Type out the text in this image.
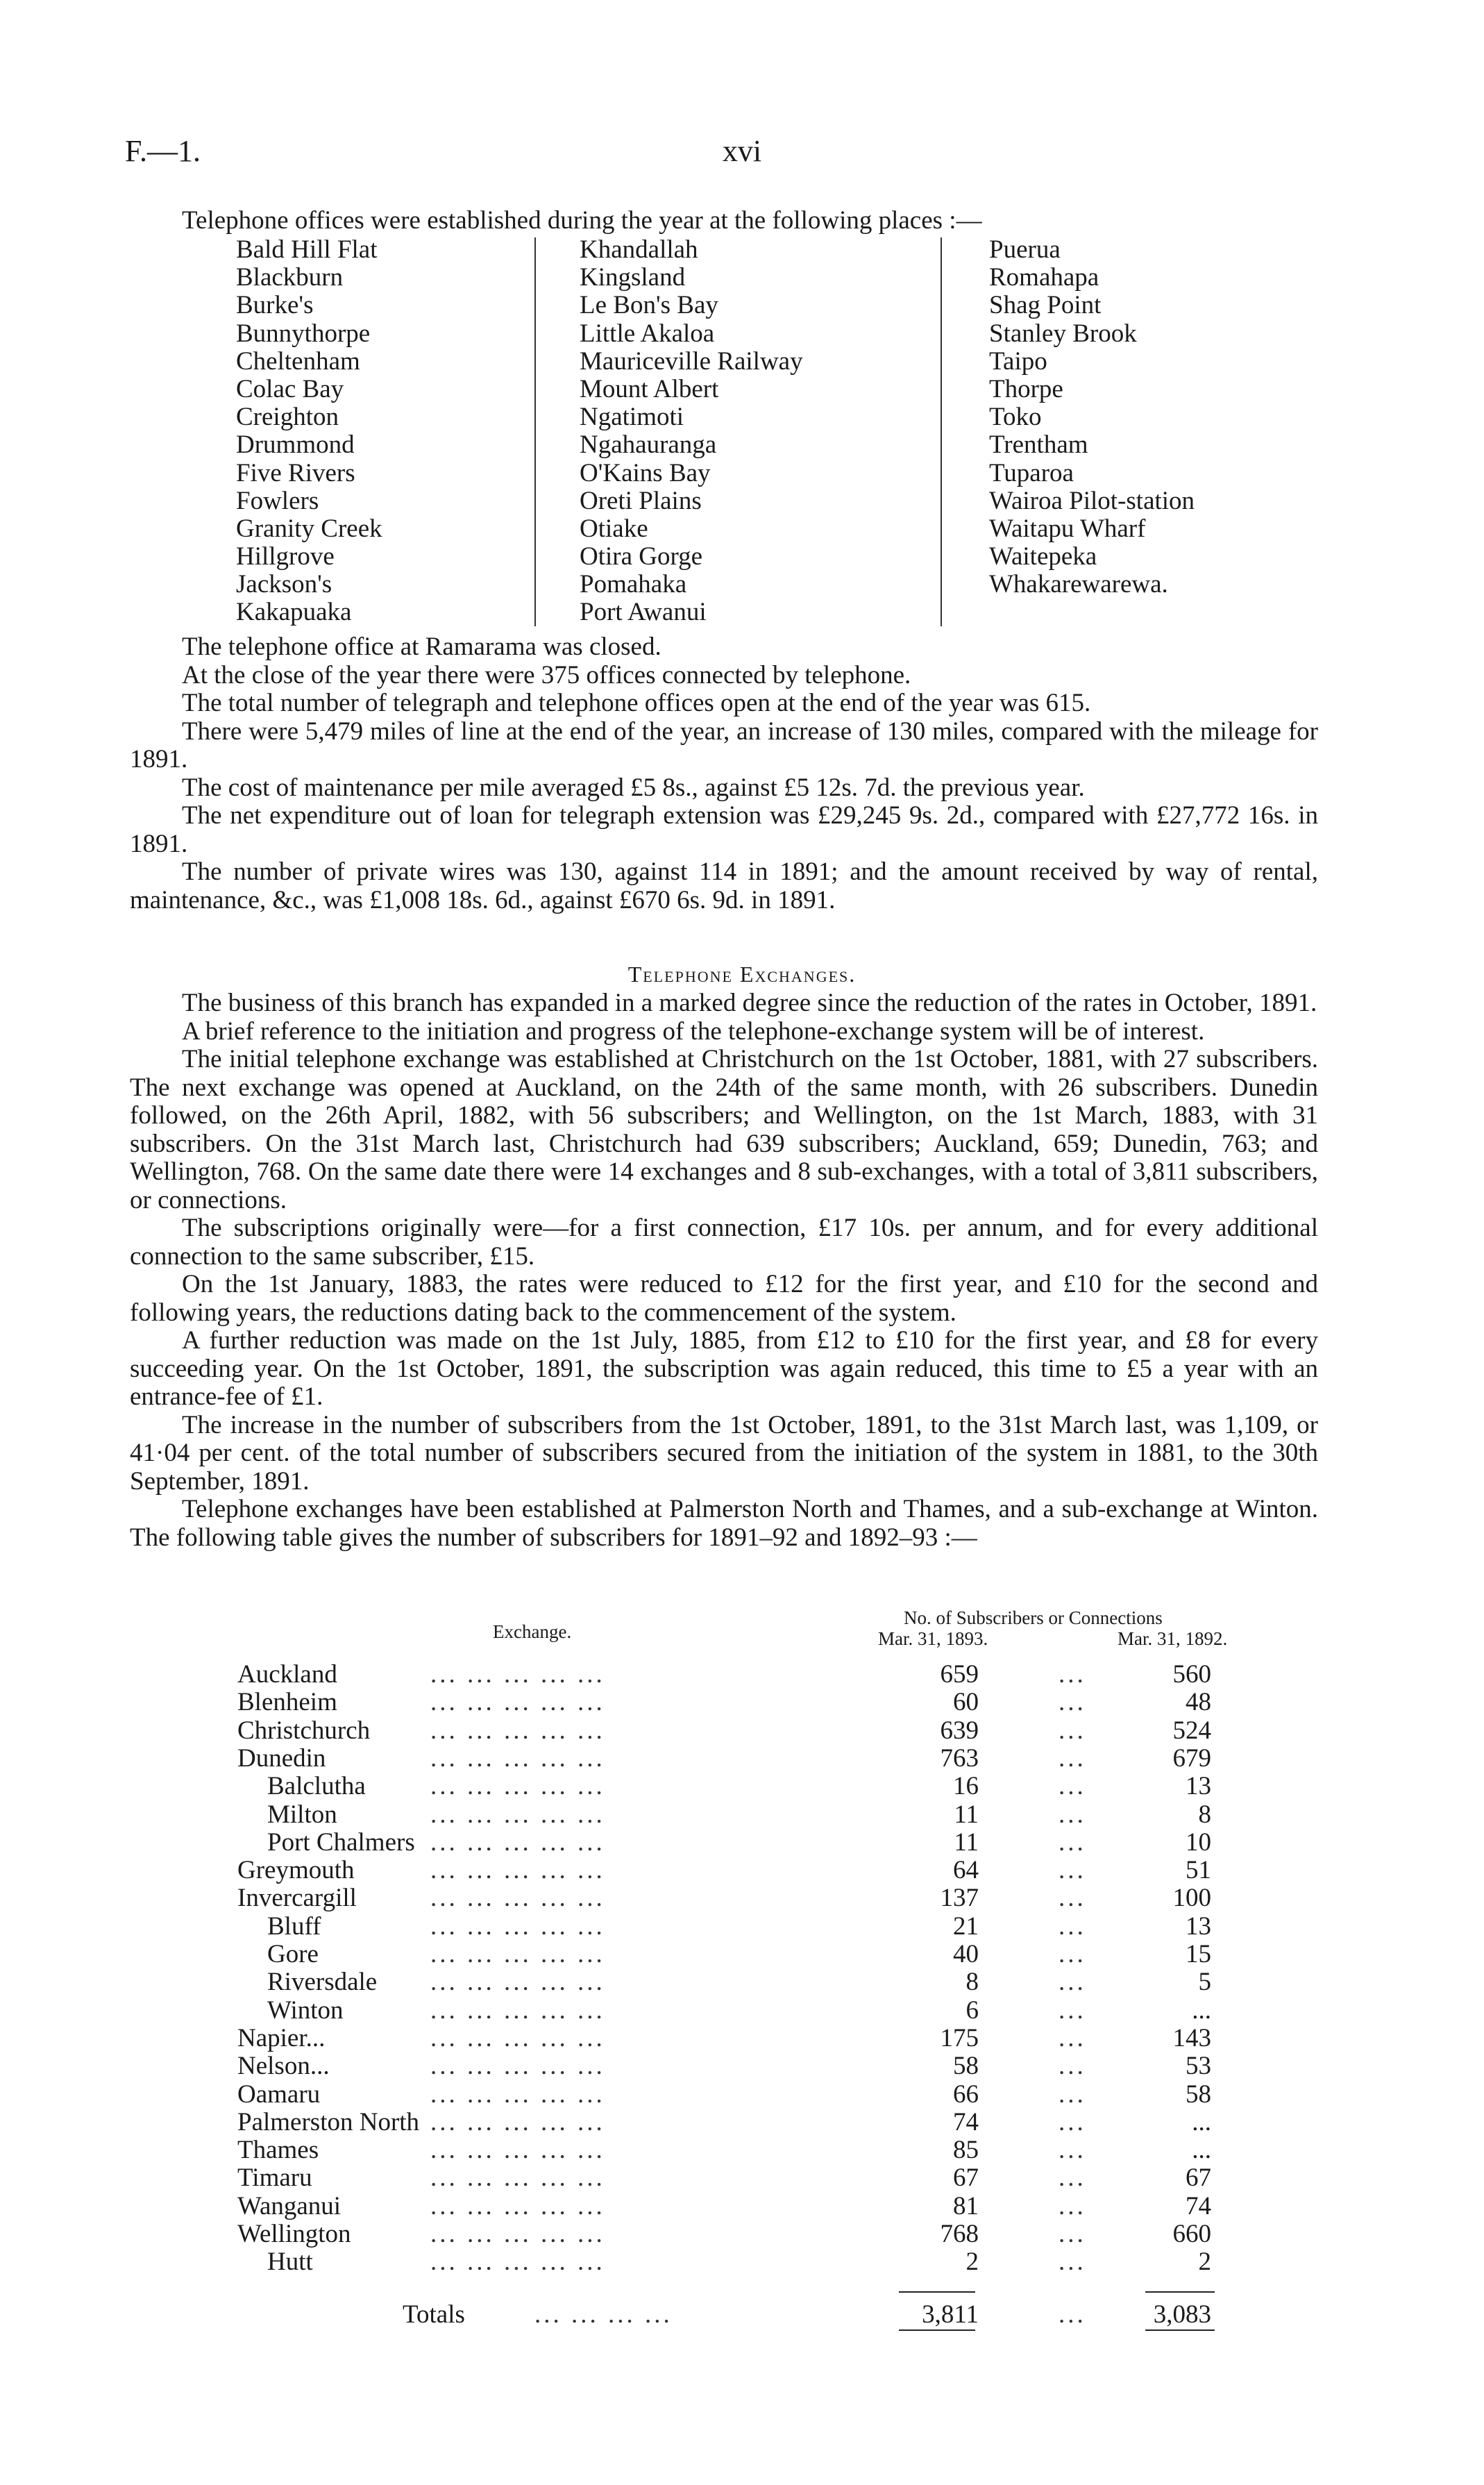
F.—1.	xvi
Telephone offices were established during the year at the following places :—
Bald Hill Flat
Blackburn
Burke's
Bunnythorpe
Cheltenham
Colac Bay
Creighton
Drummond
Five Rivers
Fowlers
Granity Creek
Hillgrove
Jackson's
Kakapuaka
Khandallah
Kingsland
Le Bon's Bay
Little Akaloa
Mauriceville Railway
Mount Albert
Ngatimoti
Ngahauranga
O'Kains Bay
Oreti Plains
Otiake
Otira Gorge
Pomahaka
Port Awanui
Puerua
Romahapa
Shag Point
Stanley Brook
Taipo
Thorpe
Toko
Trentham
Tuparoa
Wairoa Pilot-station
Waitapu Wharf
Waitepeka
Whakarewarewa.

The telephone office at Ramarama was closed.

At the close of the year there were 375 offices connected by telephone.

The total number of telegraph and telephone offices open at the end of the year was 615.

There were 5,479 miles of line at the end of the year, an increase of 130 miles, compared with the mileage for 1891.

The cost of maintenance per mile averaged £5 8s., against £5 12s. 7d. the previous year.

The net expenditure out of loan for telegraph extension was £29,245 9s. 2d., compared with £27,772 16s. in 1891.

The number of private wires was 130, against 114 in 1891; and the amount received by way of rental, maintenance, &c., was £1,008 18s. 6d., against £670 6s. 9d. in 1891.

Telephone Exchanges.

The business of this branch has expanded in a marked degree since the reduction of the rates in October, 1891.

A brief reference to the initiation and progress of the telephone-exchange system will be of interest.

The initial telephone exchange was established at Christchurch on the 1st October, 1881, with 27 subscribers. The next exchange was opened at Auckland, on the 24th of the same month, with 26 subscribers. Dunedin followed, on the 26th April, 1882, with 56 subscribers; and Wellington, on the 1st March, 1883, with 31 subscribers. On the 31st March last, Christchurch had 639 subscribers; Auckland, 659; Dunedin, 763; and Wellington, 768. On the same date there were 14 exchanges and 8 sub-exchanges, with a total of 3,811 subscribers, or connections.

The subscriptions originally were—for a first connection, £17 10s. per annum, and for every additional connection to the same subscriber, £15.

On the 1st January, 1883, the rates were reduced to £12 for the first year, and £10 for the second and following years, the reductions dating back to the commencement of the system.

A further reduction was made on the 1st July, 1885, from £12 to £10 for the first year, and £8 for every succeeding year. On the 1st October, 1891, the subscription was again reduced, this time to £5 a year with an entrance-fee of £1.

The increase in the number of subscribers from the 1st October, 1891, to the 31st March last, was 1,109, or 41·04 per cent. of the total number of subscribers secured from the initiation of the system in 1881, to the 30th September, 1891.

Telephone exchanges have been established at Palmerston North and Thames, and a sub-exchange at Winton. The following table gives the number of subscribers for 1891–92 and 1892–93 :—

Exchange.
No. of Subscribers or Connections
Mar. 31, 1893.	Mar. 31, 1892.
Auckland	... ... ... ... ...	659	...	560
Blenheim	... ... ... ... ...	60	...	48
Christchurch ... ... ... ... ...	639	...	524
Dunedin	... ... ... ... ...	763	...	679
Balclutha	... ... ... ... ...	16	...	13
Milton	... ... ... ... ...	11	...	8
Port Chalmers ... ... ... ... ...	11	...	10
Greymouth	... ... ... ... ...	64	...	51
Invercargill	... ... ... ... ...	137	...	100
Bluff	... ... ... ... ...	21	...	13
Gore	... ... ... ... ...	40	...	15
Riversdale ... ... ... ... ...	8	...	5
Winton	... ... ... ... ...	6	...	...
Napier...	... ... ... ... ...	175	...	143
Nelson...	... ... ... ... ...	58	...	53
Oamaru	... ... ... ... ...	66	...	58
Palmerston North ... ... ... ... ...	74	...	...
Thames	... ... ... ... ...	85	...	...
Timaru	... ... ... ... ...	67	...	67
Wanganui	... ... ... ... ...	81	...	74
Wellington	... ... ... ... ...	768	...	660
Hutt	... ... ... ... ...	2	...	2
Totals	... ... ... ...	3,811	...	3,083
